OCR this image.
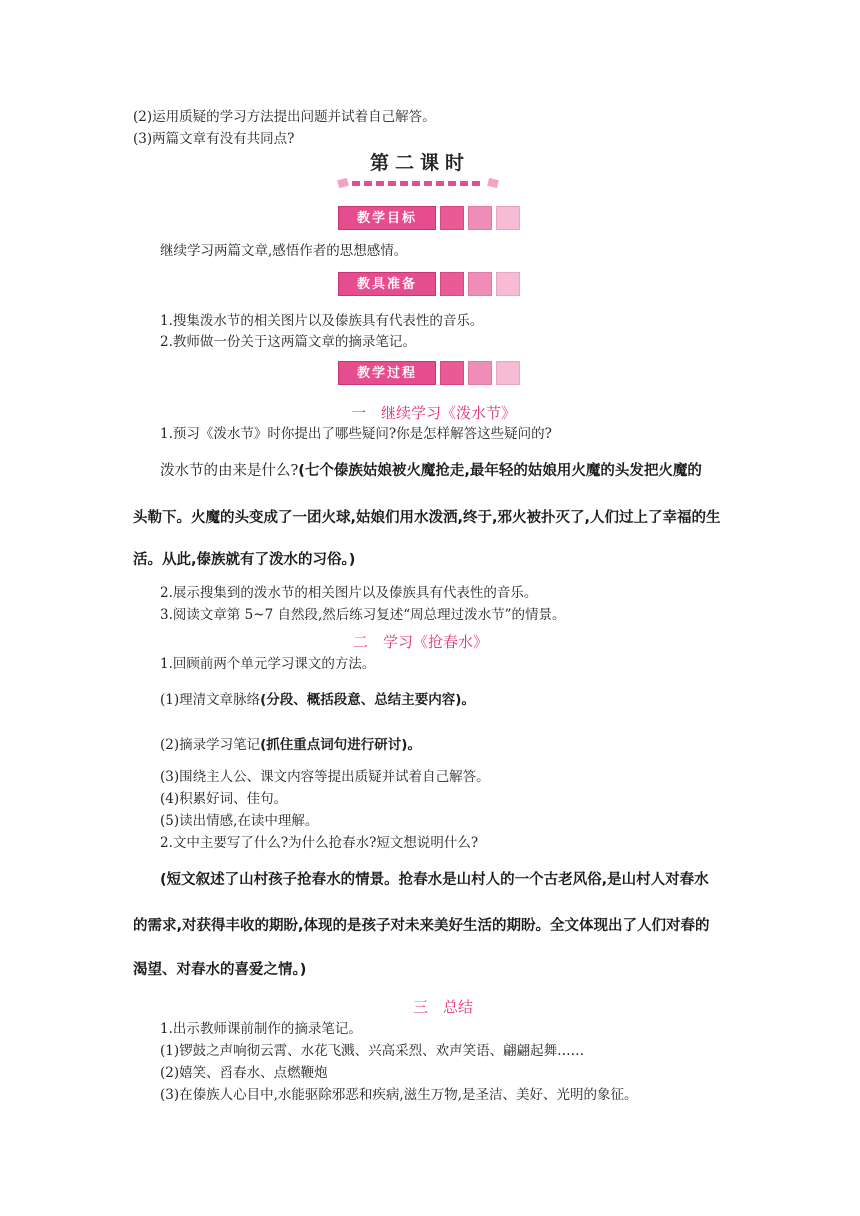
(2)运用质疑的学习方法提出问题并试着自己解答。
(3)两篇文章有没有共同点?
第二课时
教学目标
继续学习两篇文章,感悟作者的思想感情。
教具准备
1.搜集泼水节的相关图片以及傣族具有代表性的音乐。
2.教师做一份关于这两篇文章的摘录笔记。
教学过程
一　继续学习《泼水节》
1.预习《泼水节》时你提出了哪些疑问?你是怎样解答这些疑问的?
泼水节的由来是什么?(七个傣族姑娘被火魔抢走,最年轻的姑娘用火魔的头发把火魔的
头勒下。火魔的头变成了一团火球,姑娘们用水泼洒,终于,邪火被扑灭了,人们过上了幸福的生
活。从此,傣族就有了泼水的习俗。)
2.展示搜集到的泼水节的相关图片以及傣族具有代表性的音乐。
3.阅读文章第 5~7 自然段,然后练习复述“周总理过泼水节”的情景。
二　学习《抢春水》
1.回顾前两个单元学习课文的方法。
(1)理清文章脉络(分段、概括段意、总结主要内容)。
(2)摘录学习笔记(抓住重点词句进行研讨)。
(3)围绕主人公、课文内容等提出质疑并试着自己解答。
(4)积累好词、佳句。
(5)读出情感,在读中理解。
2.文中主要写了什么?为什么抢春水?短文想说明什么?
(短文叙述了山村孩子抢春水的情景。抢春水是山村人的一个古老风俗,是山村人对春水
的需求,对获得丰收的期盼,体现的是孩子对未来美好生活的期盼。全文体现出了人们对春的
渴望、对春水的喜爱之情。)
三　总结
1.出示教师课前制作的摘录笔记。
(1)锣鼓之声响彻云霄、水花飞溅、兴高采烈、欢声笑语、翩翩起舞……
(2)嬉笑、舀春水、点燃鞭炮
(3)在傣族人心目中,水能驱除邪恶和疾病,滋生万物,是圣洁、美好、光明的象征。
